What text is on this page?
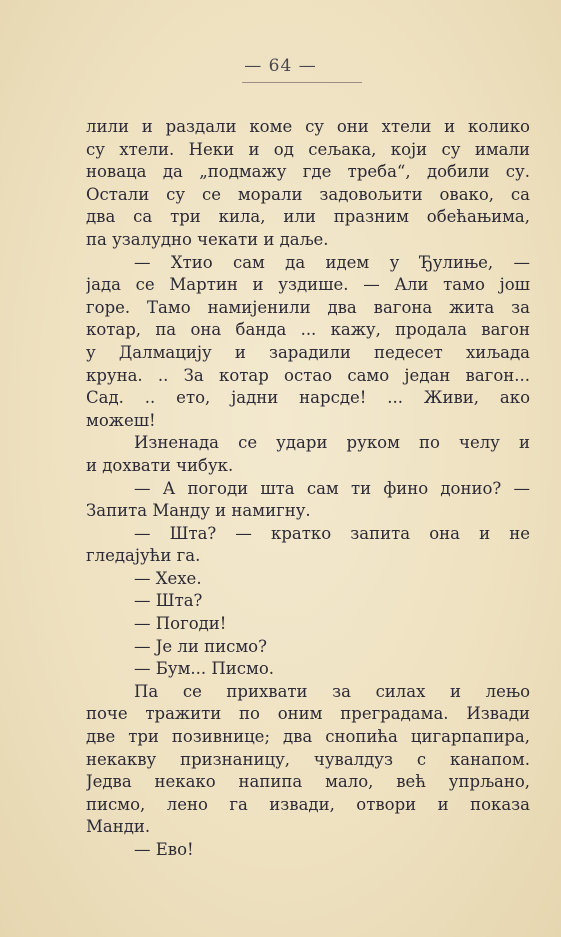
— 64 —
лили и раздали коме су они хтели и колико
су хтели. Неки и од сељака, који су имали
новаца да „подмажу где треба“, добили су.
Остали су се морали задовољити овако, са
два са три кила, или празним обећањима,
па узалудно чекати и даље.
— Хтио сам да идем у Ђулиње, —
јада се Мартин и уздише. — Али тамо још
горе. Тамо намијенили два вагона жита за
котар, па она банда ... кажу, продала вагон
у Далмацију и зарадили педесет хиљада
круна. .. За котар остао само један вагон...
Сад. .. ето, јадни нарсде! ... Живи, ако
можеш!
Изненада се удари руком по челу и
и дохвати чибук.
— А погоди шта сам ти фино донио? —
Запита Манду и намигну.
— Шта? — кратко запита она и не
гледајући га.
— Хехе.
— Шта?
— Погоди!
— Је ли писмо?
— Бум... Писмо.
Па се прихвати за силах и лењо
поче тражити по оним преградама. Извади
две три позивнице; два снопића цигарпапира,
некакву признаницу, чувалдуз с канапом.
Једва некако напипа мало, већ упрљано,
писмо, лено га извади, отвори и показа
Манди.
— Ево!
